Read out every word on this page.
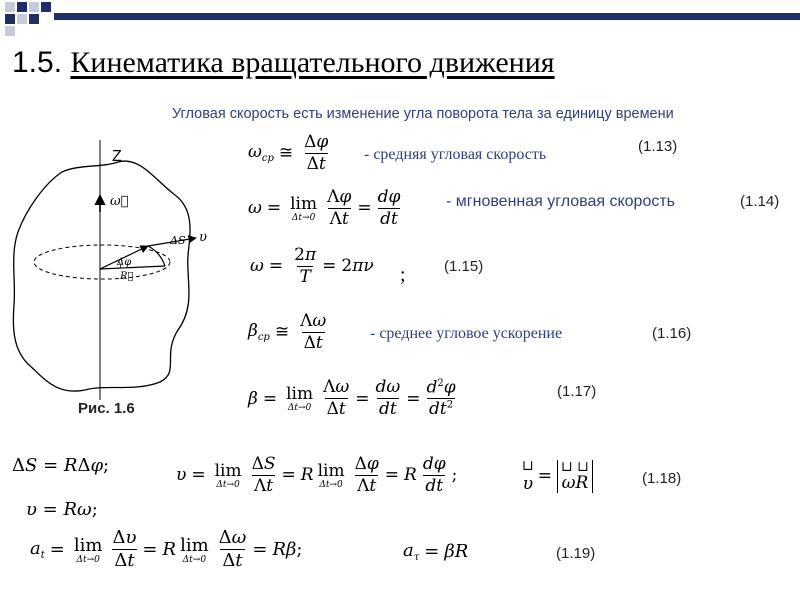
1.5. Кинематика вращательного движения
Угловая скорость есть изменение угла поворота тела за единицу времени
Z
ω⃗
ΔS υ
Δφ
R⃗
Рис. 1.6
$\omega_{cp}$ ≅ $\frac{\Delta\varphi}{\Delta t}$ - средняя угловая скорость	(1.13)
ω = lim
$\Delta t\to 0 \frac{\Lambda\varphi}{\Lambda t} = \frac{d\varphi}{dt}$	- мгновенная угловая скорость	(1.14)
$\omega = \frac{2\pi}{T} = 2\pi\nu$ ;	(1.15)
$\beta_{cp}$ ≅ $\frac{\Lambda\omega}{\Delta t}$	- среднее угловое ускорение	(1.16)
β = lim
$\Delta t\to 0 \frac{\Lambda\omega}{\Delta t} = \frac{d\omega}{dt} = \frac{d^2\varphi}{dt^2}$	(1.17)
ΔS = RΔφ;
υ = Rω;
υ = lim
$\Delta t\to 0 \frac{\Delta S}{\Lambda t} = R$ lim
$\Delta t\to 0 \frac{\Delta\varphi}{\Lambda t} = R \frac{d\varphi}{dt}$ ;	⊔
υ = ⊔ ⊔
ωR	(1.18)
$a_t = \lim$
$\Delta t\to 0 \frac{\Delta\upsilon}{\Delta t} = R$ lim
$\Delta t\to 0 \frac{\Delta\omega}{\Delta t} = R\beta$;	$a_\tau = \beta R$	(1.19)
